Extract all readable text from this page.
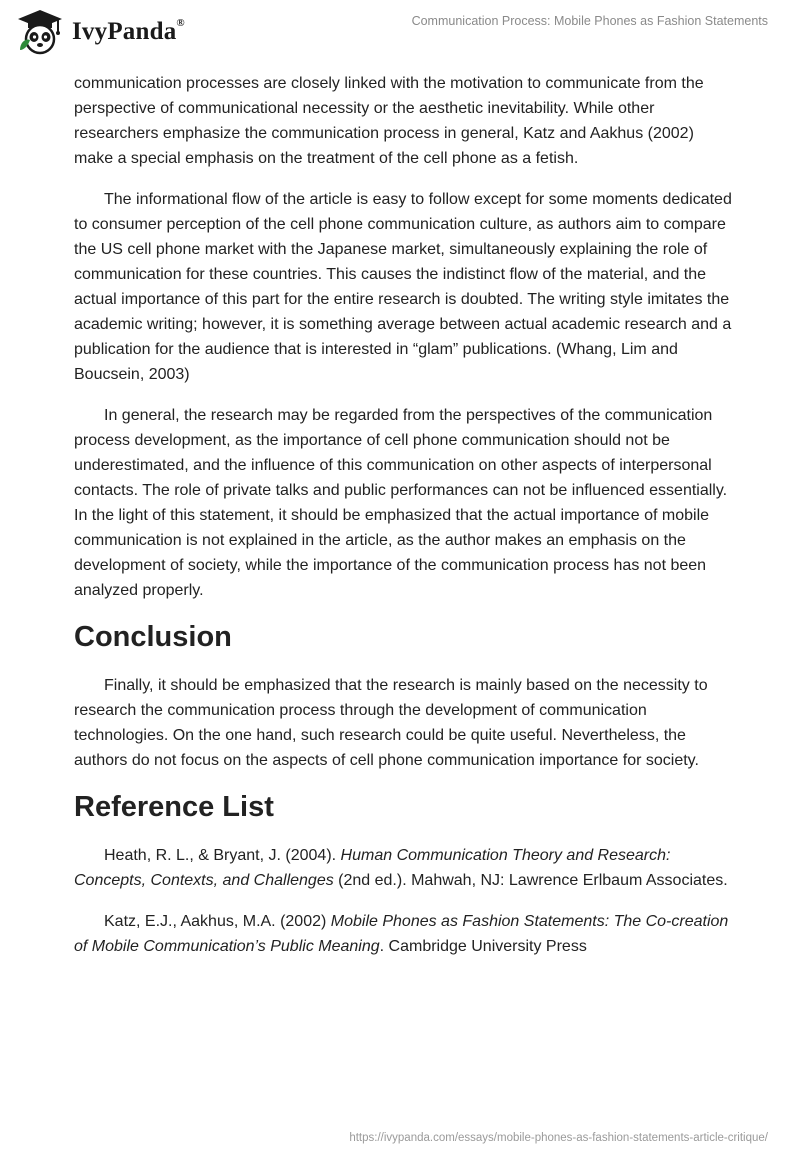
IvyPanda®	Communication Process: Mobile Phones as Fashion Statements

communication processes are closely linked with the motivation to communicate from the perspective of communicational necessity or the aesthetic inevitability. While other researchers emphasize the communication process in general, Katz and Aakhus (2002) make a special emphasis on the treatment of the cell phone as a fetish.

The informational flow of the article is easy to follow except for some moments dedicated to consumer perception of the cell phone communication culture, as authors aim to compare the US cell phone market with the Japanese market, simultaneously explaining the role of communication for these countries. This causes the indistinct flow of the material, and the actual importance of this part for the entire research is doubted. The writing style imitates the academic writing; however, it is something average between actual academic research and a publication for the audience that is interested in “glam” publications. (Whang, Lim and Boucsein, 2003)

In general, the research may be regarded from the perspectives of the communication process development, as the importance of cell phone communication should not be underestimated, and the influence of this communication on other aspects of interpersonal contacts. The role of private talks and public performances can not be influenced essentially. In the light of this statement, it should be emphasized that the actual importance of mobile communication is not explained in the article, as the author makes an emphasis on the development of society, while the importance of the communication process has not been analyzed properly.

Conclusion

Finally, it should be emphasized that the research is mainly based on the necessity to research the communication process through the development of communication technologies. On the one hand, such research could be quite useful. Nevertheless, the authors do not focus on the aspects of cell phone communication importance for society.

Reference List

Heath, R. L., & Bryant, J. (2004). Human Communication Theory and Research: Concepts, Contexts, and Challenges (2nd ed.). Mahwah, NJ: Lawrence Erlbaum Associates.

Katz, E.J., Aakhus, M.A. (2002) Mobile Phones as Fashion Statements: The Co-creation of Mobile Communication’s Public Meaning. Cambridge University Press

https://ivypanda.com/essays/mobile-phones-as-fashion-statements-article-critique/
